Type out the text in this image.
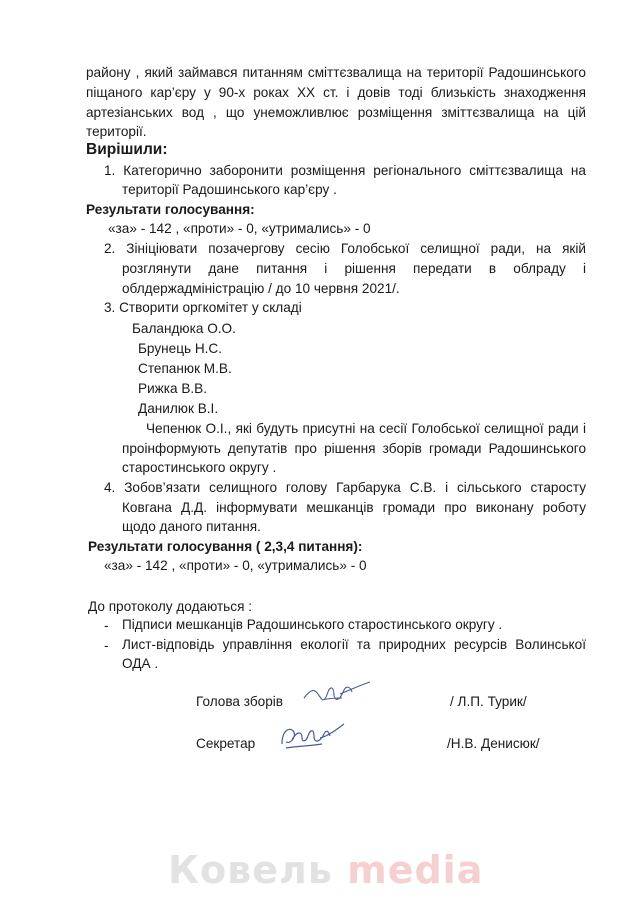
району , який займався питанням сміттєзвалища на території Радошинського
піщаного кар’єру у 90-х роках ХХ ст. і довів тоді близькість знаходження
артезіанських вод , що унеможливлює розміщення зміттєзвалища на цій
території.
Вирішили:
1. Категорично заборонити розміщення регіонального сміттєзвалища на
території Радошинського кар’єру .
Результати голосування:
«за» - 142 , «проти» - 0, «утримались» - 0
2. Зініціювати позачергову сесію Голобської селищної ради, на якій
розглянути дане питання і рішення передати в облраду і
облдержадміністрацію / до 10 червня 2021/.
3. Створити оргкомітет у складі
Баландюка О.О.
Брунець Н.С.
Степанюк М.В.
Рижка В.В.
Данилюк В.І.
Чепенюк О.І., які будуть присутні на сесії Голобської селищної ради і
проінформують депутатів про рішення зборів громади Радошинського
старостинського округу .
4. Зобов’язати селищного голову Гарбарука С.В. і сільського старосту
Ковгана Д.Д. інформувати мешканців громади про виконану роботу
щодо даного питання.
Результати голосування ( 2,3,4 питання):
«за» - 142 , «проти» - 0, «утримались» - 0
До протоколу додаються :
- Підписи мешканців Радошинського старостинського округу .
- Лист-відповідь управління екології та природних ресурсів Волинської
ОДА .
Голова зборів	/ Л.П. Турик/
Секретар	/Н.В. Денисюк/
Ковель media
